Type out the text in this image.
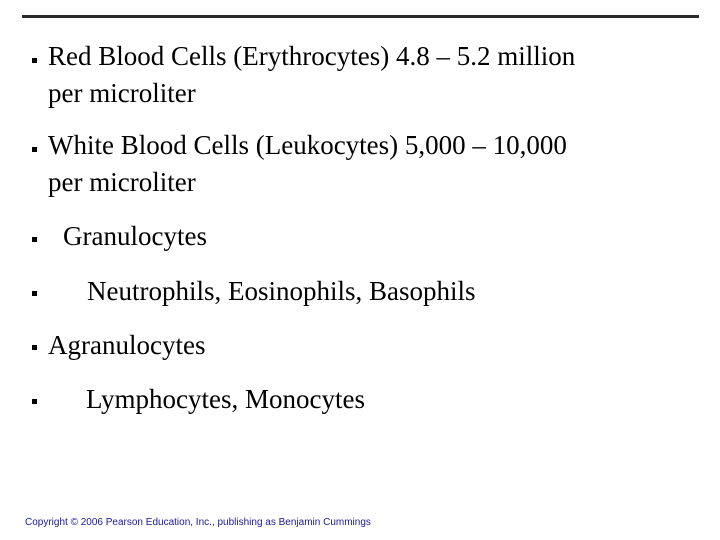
Red Blood Cells (Erythrocytes) 4.8 – 5.2 million
per microliter
White Blood Cells (Leukocytes) 5,000 – 10,000
per microliter
Granulocytes
Neutrophils, Eosinophils, Basophils
Agranulocytes
Lymphocytes, Monocytes
Copyright © 2006 Pearson Education, Inc., publishing as Benjamin Cummings
